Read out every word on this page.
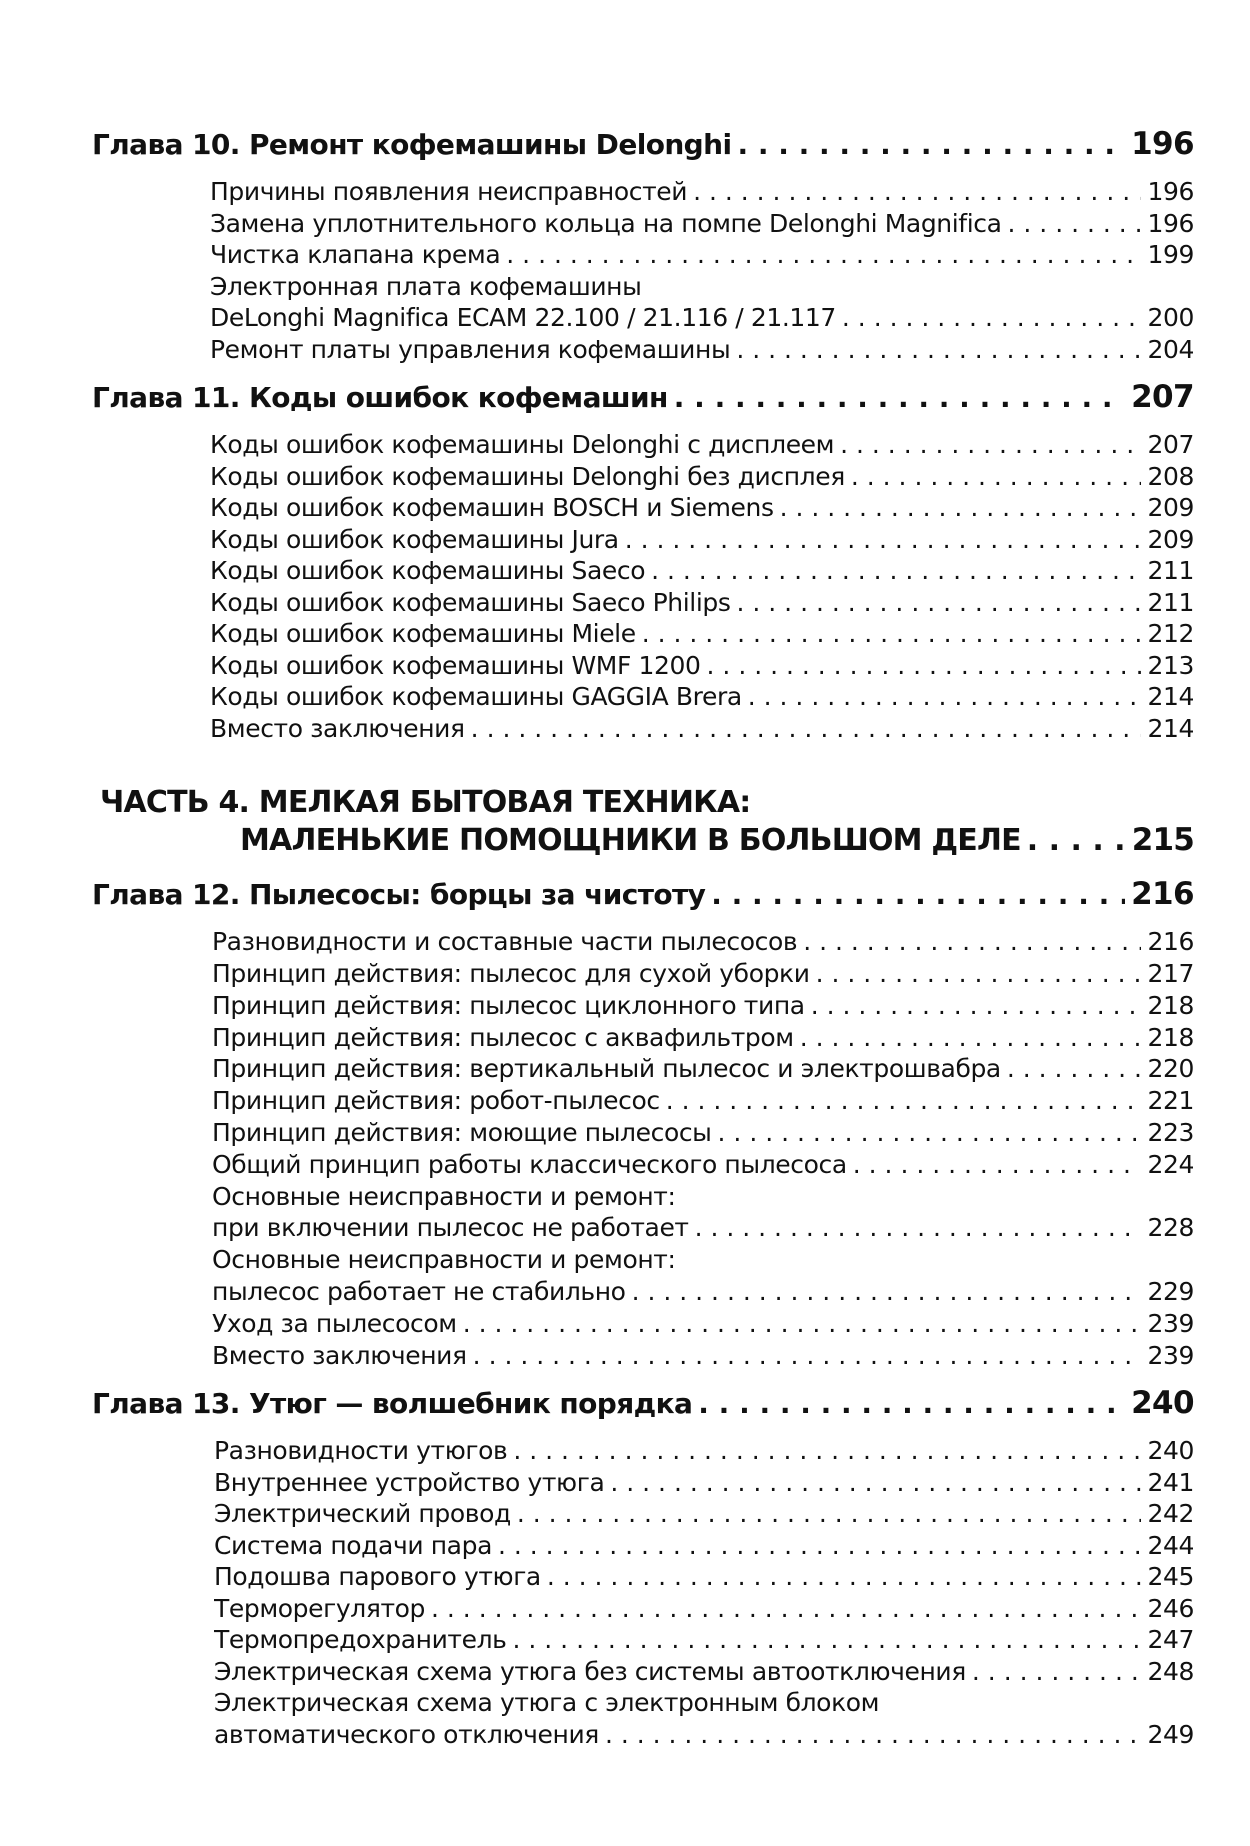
Глава 10. Ремонт кофемашины Delonghi . . .	196
Причины появления неисправностей . . .	196
Замена уплотнительного кольца на помпе Delonghi Magnifica . . .	196
Чистка клапана крема . . .	199
Электронная плата кофемашины
DeLonghi Magnifica ECAM 22.100 / 21.116 / 21.117 . . .	200
Ремонт платы управления кофемашины . . .	204
Глава 11. Коды ошибок кофемашин . . .	207
Коды ошибок кофемашины Delonghi с дисплеем . . .	207
Коды ошибок кофемашины Delonghi без дисплея . . .	208
Коды ошибок кофемашин BOSCH и Siemens . . .	209
Коды ошибок кофемашины Jura . . .	209
Коды ошибок кофемашины Saeco . . .	211
Коды ошибок кофемашины Saeco Philips . . .	211
Коды ошибок кофемашины Miele . . .	212
Коды ошибок кофемашины WMF 1200 . . .	213
Коды ошибок кофемашины GAGGIA Brera . . .	214
Вместо заключения . . .	214
ЧАСТЬ 4. МЕЛКАЯ БЫТОВАЯ ТЕХНИКА:
МАЛЕНЬКИЕ ПОМОЩНИКИ В БОЛЬШОМ ДЕЛЕ . . .	215
Глава 12. Пылесосы: борцы за чистоту . . .	216
Разновидности и составные части пылесосов . . .	216
Принцип действия: пылесос для сухой уборки . . .	217
Принцип действия: пылесос циклонного типа . . .	218
Принцип действия: пылесос с аквафильтром . . .	218
Принцип действия: вертикальный пылесос и электрошвабра . . .	220
Принцип действия: робот-пылесос . . .	221
Принцип действия: моющие пылесосы . . .	223
Общий принцип работы классического пылесоса . . .	224
Основные неисправности и ремонт:
при включении пылесос не работает . . .	228
Основные неисправности и ремонт:
пылесос работает не стабильно . . .	229
Уход за пылесосом . . .	239
Вместо заключения . . .	239
Глава 13. Утюг — волшебник порядка . . .	240
Разновидности утюгов . . .	240
Внутреннее устройство утюга . . .	241
Электрический провод . . .	242
Система подачи пара . . .	244
Подошва парового утюга . . .	245
Терморегулятор . . .	246
Термопредохранитель . . .	247
Электрическая схема утюга без системы автоотключения . . .	248
Электрическая схема утюга с электронным блоком
автоматического отключения . . .	249
